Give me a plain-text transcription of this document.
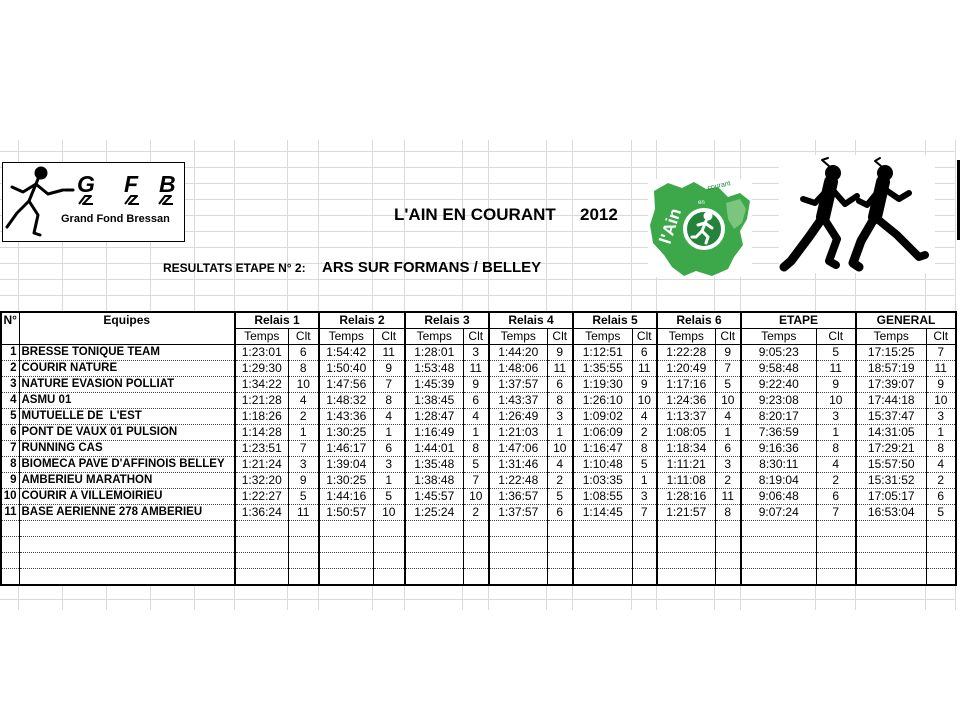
G F B
Grand Fond Bressan	L'AIN EN COURANT 2012 l'Ain
en
courant
RESULTATS ETAPE N° 2: ARS SUR FORMANS / BELLEY
N°	Equipes	Relais 1		Relais 2		Relais 3		Relais 4		Relais 5		Relais 6		ETAPE		GENERAL	
		Temps	Clt	Temps	Clt	Temps	Clt	Temps	Clt	Temps	Clt	Temps	Clt	Temps	Clt	Temps	Clt
1	BRESSE TONIQUE TEAM	1:23:01	6	1:54:42	11	1:28:01	3	1:44:20	9	1:12:51	6	1:22:28	9	9:05:23	5	17:15:25	7
2	COURIR NATURE	1:29:30	8	1:50:40	9	1:53:48	11	1:48:06	11	1:35:55	11	1:20:49	7	9:58:48	11	18:57:19	11
3	NATURE EVASION POLLIAT	1:34:22	10	1:47:56	7	1:45:39	9	1:37:57	6	1:19:30	9	1:17:16	5	9:22:40	9	17:39:07	9
4	ASMU 01	1:21:28	4	1:48:32	8	1:38:45	6	1:43:37	8	1:26:10	10	1:24:36	10	9:23:08	10	17:44:18	10
5	MUTUELLE DE  L'EST	1:18:26	2	1:43:36	4	1:28:47	4	1:26:49	3	1:09:02	4	1:13:37	4	8:20:17	3	15:37:47	3
6	PONT DE VAUX 01 PULSION	1:14:28	1	1:30:25	1	1:16:49	1	1:21:03	1	1:06:09	2	1:08:05	1	7:36:59	1	14:31:05	1
7	RUNNING CAS	1:23:51	7	1:46:17	6	1:44:01	8	1:47:06	10	1:16:47	8	1:18:34	6	9:16:36	8	17:29:21	8
8	BIOMECA PAVE D'AFFINOIS BELLEY	1:21:24	3	1:39:04	3	1:35:48	5	1:31:46	4	1:10:48	5	1:11:21	3	8:30:11	4	15:57:50	4
9	AMBERIEU MARATHON	1:32:20	9	1:30:25	1	1:38:48	7	1:22:48	2	1:03:35	1	1:11:08	2	8:19:04	2	15:31:52	2
10	COURIR A VILLEMOIRIEU	1:22:27	5	1:44:16	5	1:45:57	10	1:36:57	5	1:08:55	3	1:28:16	11	9:06:48	6	17:05:17	6
11	BASE AERIENNE 278 AMBERIEU	1:36:24	11	1:50:57	10	1:25:24	2	1:37:57	6	1:14:45	7	1:21:57	8	9:07:24	7	16:53:04	5
